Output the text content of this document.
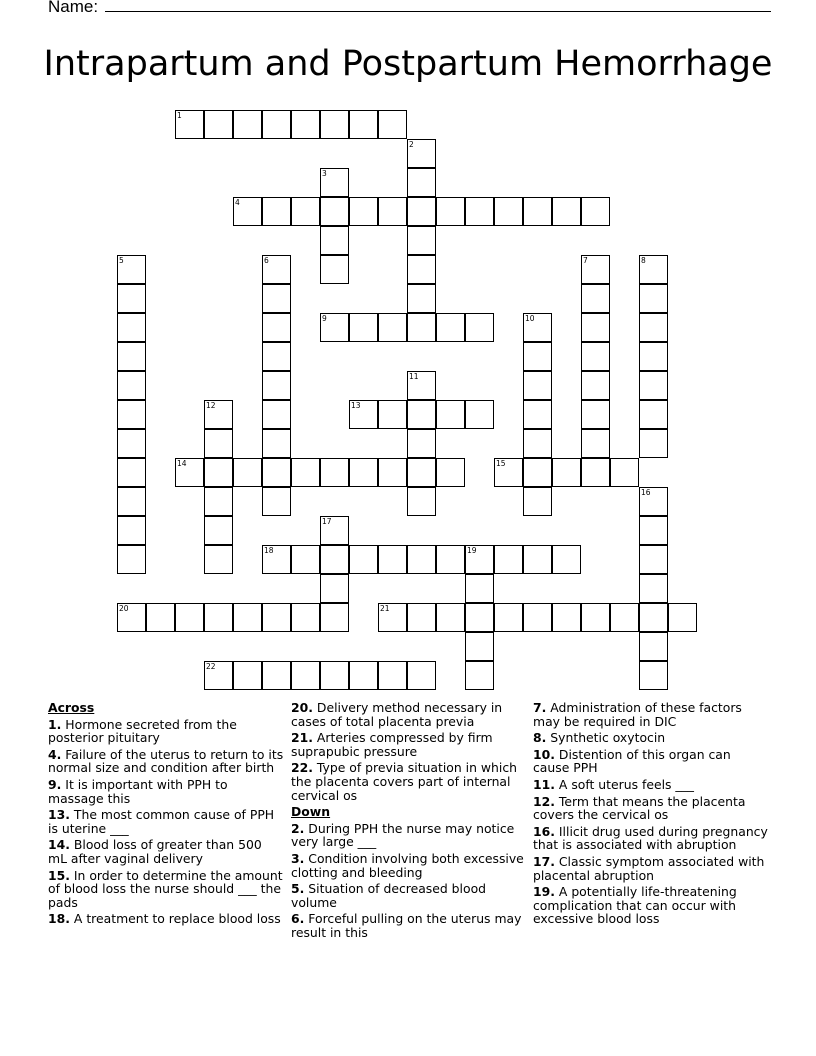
Name:
Intrapartum and Postpartum Hemorrhage
1
4
9
13
14	15
18
20	21
22
2
3
5	6	7	8
10
11
12
16
17
19
Across
1. Hormone secreted from the posterior pituitary
4. Failure of the uterus to return to its normal size and condition after birth
9. It is important with PPH to massage this
13. The most common cause of PPH is uterine ___
14. Blood loss of greater than 500 mL after vaginal delivery
15. In order to determine the amount of blood loss the nurse should ___ the pads
18. A treatment to replace blood loss
20. Delivery method necessary in cases of total placenta previa
21. Arteries compressed by firm suprapubic pressure
22. Type of previa situation in which the placenta covers part of internal cervical os
Down
2. During PPH the nurse may notice very large ___
3. Condition involving both excessive clotting and bleeding
5. Situation of decreased blood volume
6. Forceful pulling on the uterus may result in this
7. Administration of these factors may be required in DIC
8. Synthetic oxytocin
10. Distention of this organ can cause PPH
11. A soft uterus feels ___
12. Term that means the placenta covers the cervical os
16. Illicit drug used during pregnancy that is associated with abruption
17. Classic symptom associated with placental abruption
19. A potentially life-threatening complication that can occur with excessive blood loss
